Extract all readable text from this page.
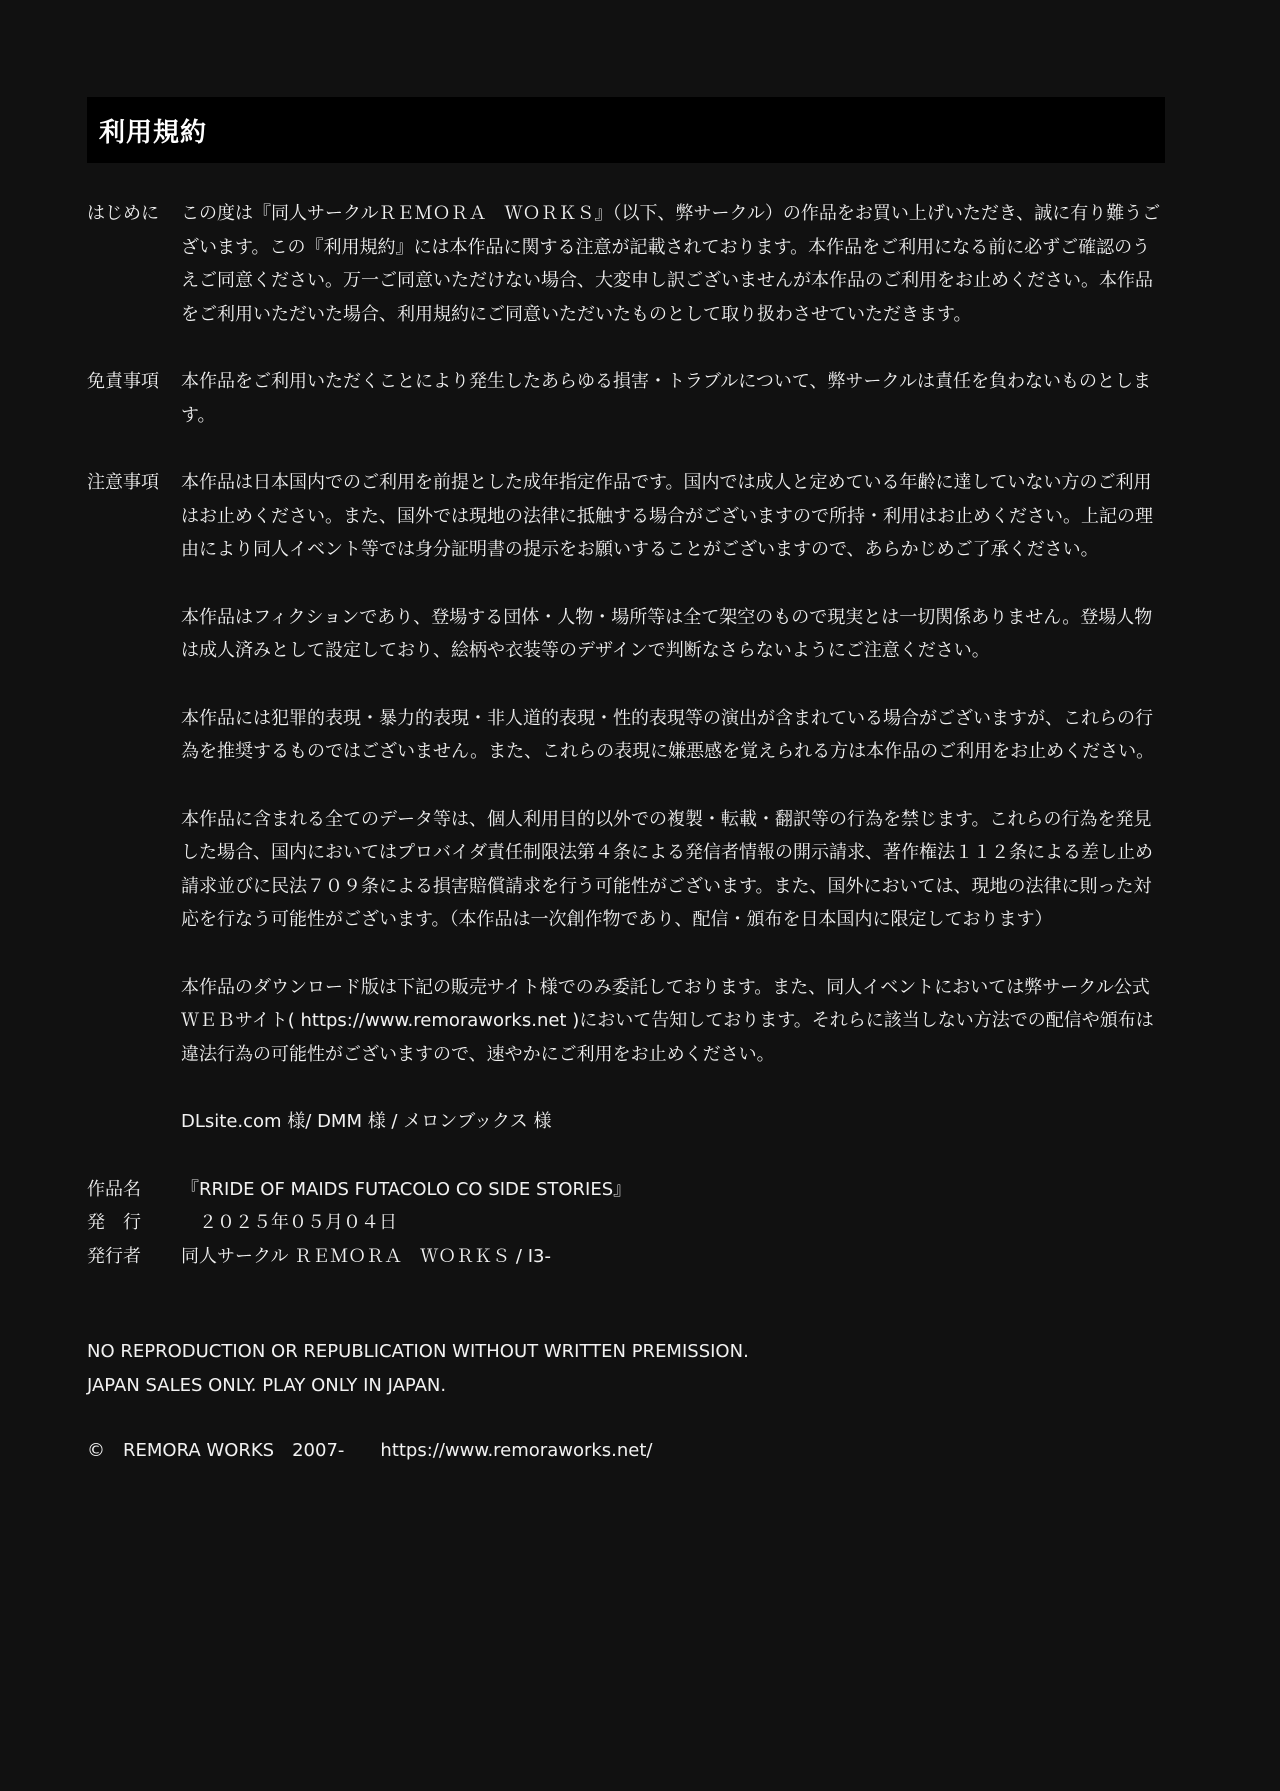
利用規約
はじめに	この度は『同人サークルＲＥＭＯＲＡ　ＷＯＲＫＳ』（以下、弊サークル）の作品をお買い上げいただき、誠に有り難うございます。この『利用規約』には本作品に関する注意が記載されております。本作品をご利用になる前に必ずご確認のうえご同意ください。万一ご同意いただけない場合、大変申し訳ございませんが本作品のご利用をお止めください。本作品をご利用いただいた場合、利用規約にご同意いただいたものとして取り扱わさせていただきます。

免責事項	本作品をご利用いただくことにより発生したあらゆる損害・トラブルについて、弊サークルは責任を負わないものとします。

注意事項	本作品は日本国内でのご利用を前提とした成年指定作品です。国内では成人と定めている年齢に達していない方のご利用はお止めください。また、国外では現地の法律に抵触する場合がございますので所持・利用はお止めください。上記の理由により同人イベント等では身分証明書の提示をお願いすることがございますので、あらかじめご了承ください。

本作品はフィクションであり、登場する団体・人物・場所等は全て架空のもので現実とは一切関係ありません。登場人物は成人済みとして設定しており、絵柄や衣装等のデザインで判断なさらないようにご注意ください。

本作品には犯罪的表現・暴力的表現・非人道的表現・性的表現等の演出が含まれている場合がございますが、これらの行為を推奨するものではございません。また、これらの表現に嫌悪感を覚えられる方は本作品のご利用をお止めください。

本作品に含まれる全てのデータ等は、個人利用目的以外での複製・転載・翻訳等の行為を禁じます。これらの行為を発見した場合、国内においてはプロバイダ責任制限法第４条による発信者情報の開示請求、著作権法１１２条による差し止め請求並びに民法７０９条による損害賠償請求を行う可能性がございます。また、国外においては、現地の法律に則った対応を行なう可能性がございます。（本作品は一次創作物であり、配信・頒布を日本国内に限定しております）

本作品のダウンロード版は下記の販売サイト様でのみ委託しております。また、同人イベントにおいては弊サークル公式ＷＥＢサイト( https://www.remoraworks.net )において告知しております。それらに該当しない方法での配信や頒布は違法行為の可能性がございますので、速やかにご利用をお止めください。

DLsite.com 様/ DMM 様 / メロンブックス 様

作品名	『RRIDE OF MAIDS FUTACOLO CO SIDE STORIES』
発　行	　２０２５年０５月０４日
発行者	同人サークル ＲＥＭＯＲＡ　ＷＯＲＫＳ / I3-
NO REPRODUCTION OR REPUBLICATION WITHOUT WRITTEN PREMISSION.
JAPAN SALES ONLY. PLAY ONLY IN JAPAN.
©　REMORA WORKS　2007- https://www.remoraworks.net/
